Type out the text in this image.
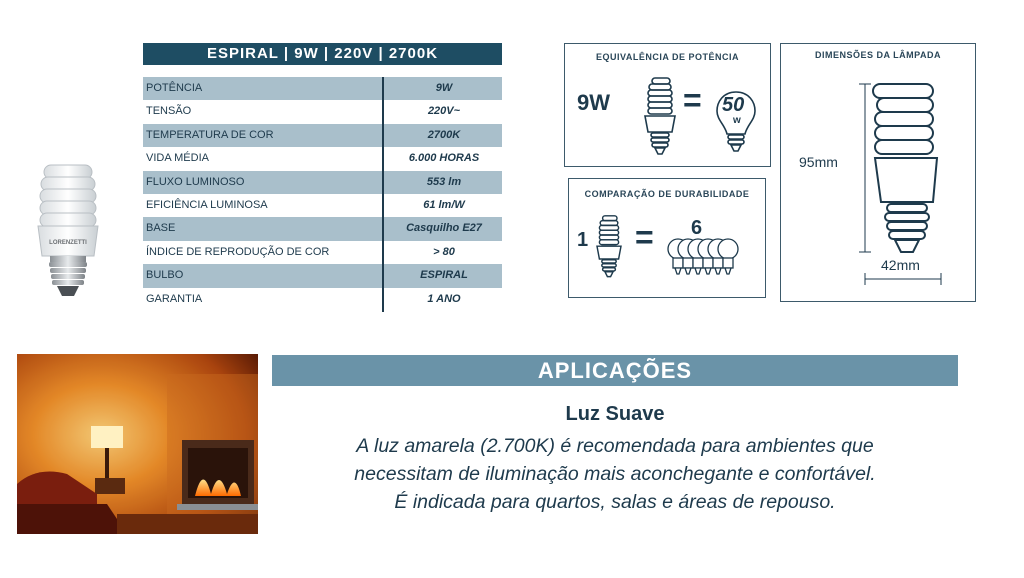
LORENZETTI
ESPIRAL | 9W | 220V | 2700K
POTÊNCIA	9W
TENSÃO	220V~
TEMPERATURA DE COR	2700K
VIDA MÉDIA	6.000 HORAS
FLUXO LUMINOSO	553 lm
EFICIÊNCIA LUMINOSA	61 lm/W
BASE	Casquilho E27
ÍNDICE DE REPRODUÇÃO DE COR	> 80
BULBO	ESPIRAL
GARANTIA	1 ANO
EQUIVALÊNCIA DE POTÊNCIA
9W = 50
w
COMPARAÇÃO DE DURABILIDADE
1 = 6
DIMENSÕES DA LÂMPADA
95mm
42mm
APLICAÇÕES
Luz Suave
A luz amarela (2.700K) é recomendada para ambientes que
necessitam de iluminação mais aconchegante e confortável.
É indicada para quartos, salas e áreas de repouso.
